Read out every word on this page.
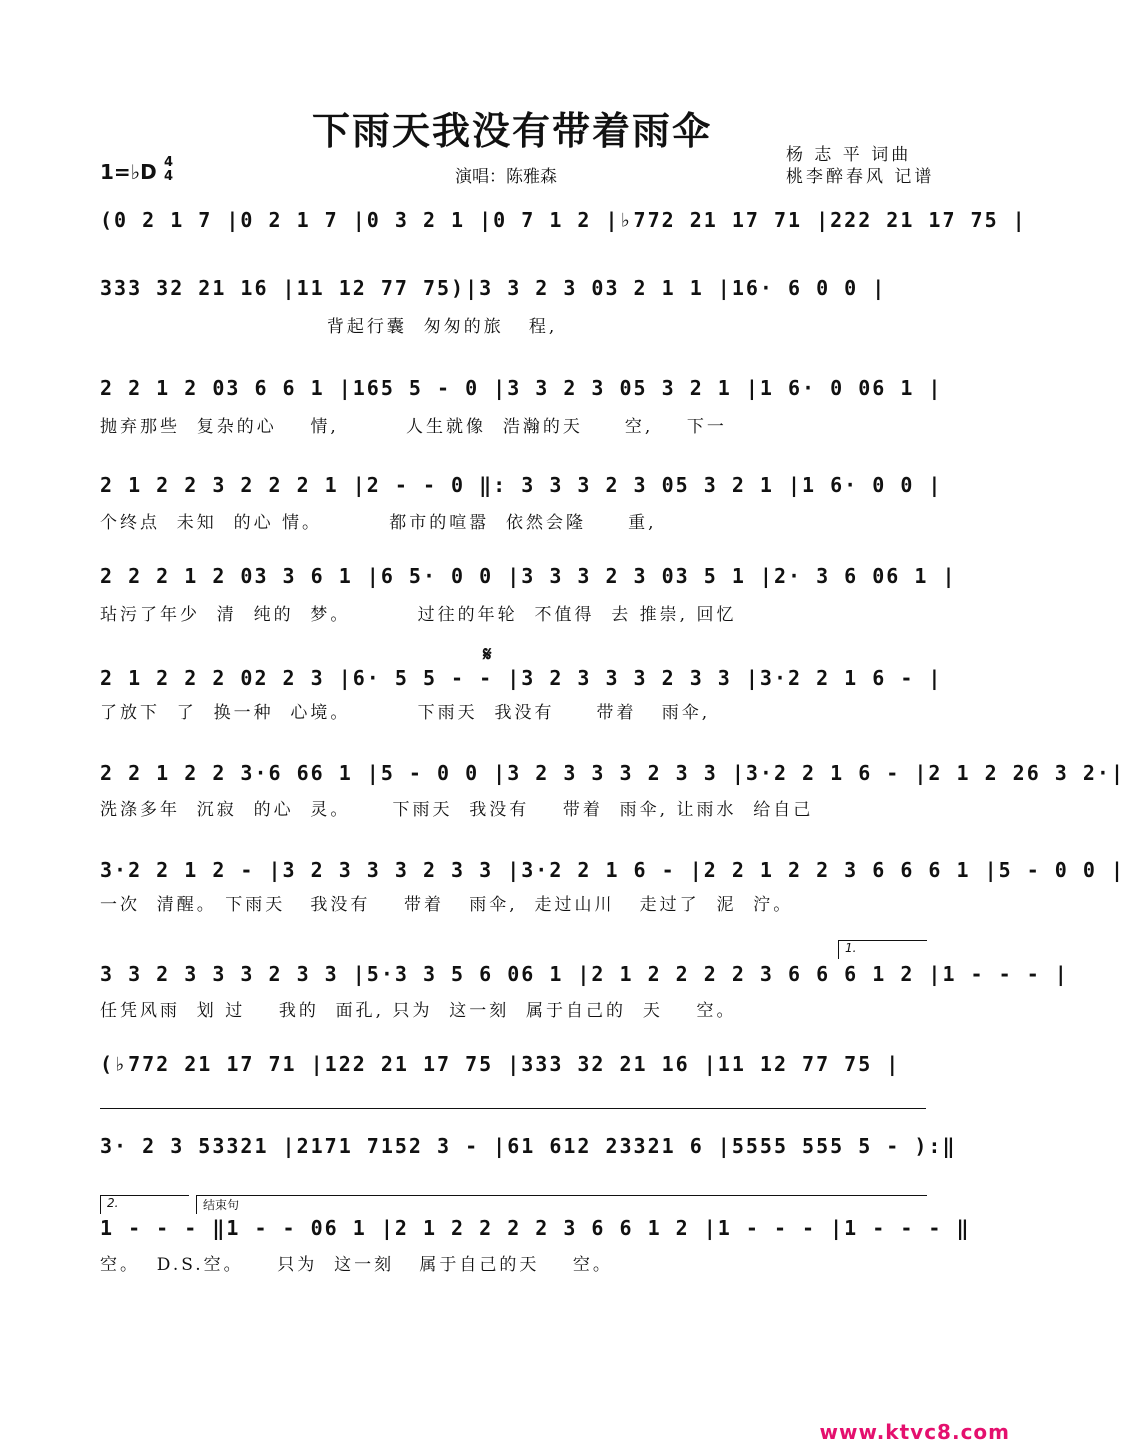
下雨天我没有带着雨伞
杨 志 平 词曲
桃李醉春风 记谱
1=♭D 4
4	演唱：陈雅森
(0 2 1 7 |0 2 1 7 |0 3 2 1 |0 7 1 2 |♭772 21 17 71 |222 21 17 75 |
333 32 21 16 |11 12 77 75)|3 3 2 3 03 2 1 1 |16· 6 0 0 |
背起行囊  匆匆的旅   程,
2 2 1 2 03 6 6 1 |165 5 - 0 |3 3 2 3 05 3 2 1 |1 6· 0 06 1 |
抛弃那些  复杂的心    情,        人生就像  浩瀚的天     空,    下一
2 1 2 2 3 2 2 2 1 |2 - - 0 ‖: 3 3 3 2 3 05 3 2 1 |1 6· 0 0 |
个终点  未知  的心 情。        都市的喧嚣  依然会隆     重,
2 2 2 1 2 03 3 6 1 |6 5· 0 0 |3 3 3 2 3 03 5 1 |2· 3 6 06 1 |
玷污了年少  清  纯的  梦。        过往的年轮  不值得  去 推崇, 回忆
𝄋
2 1 2 2 2 02 2 3 |6· 5 5 - - |3 2 3 3 3 2 3 3 |3·2 2 1 6 - |
了放下  了  换一种  心境。        下雨天  我没有     带着   雨伞,
2 2 1 2 2 3·6 66 1 |5 - 0 0 |3 2 3 3 3 2 3 3 |3·2 2 1 6 - |2 1 2 26 3 2·|
洗涤多年  沉寂  的心  灵。     下雨天  我没有    带着  雨伞, 让雨水  给自己
3·2 2 1 2 - |3 2 3 3 3 2 3 3 |3·2 2 1 6 - |2 2 1 2 2 3 6 6 6 1 |5 - 0 0 |
一次  清醒。 下雨天   我没有    带着   雨伞,  走过山川   走过了  泥  泞。
1.
3 3 2 3 3 3 2 3 3 |5·3 3 5 6 06 1 |2 1 2 2 2 2 3 6 6 6 1 2 |1 - - - |
任凭风雨  划 过    我的  面孔, 只为  这一刻  属于自己的  天    空。
(♭772 21 17 71 |122 21 17 75 |333 32 21 16 |11 12 77 75 |
3· 2 3 53321 |2171 7152 3 - |61 612 23321 6 |5555 555 5 - ):‖
2.	结束句
1 - - - ‖1 - - 06 1 |2 1 2 2 2 2 3 6 6 1 2 |1 - - - |1 - - - ‖
空。  D.S.空。    只为  这一刻   属于自己的天    空。
www.ktvc8.com
